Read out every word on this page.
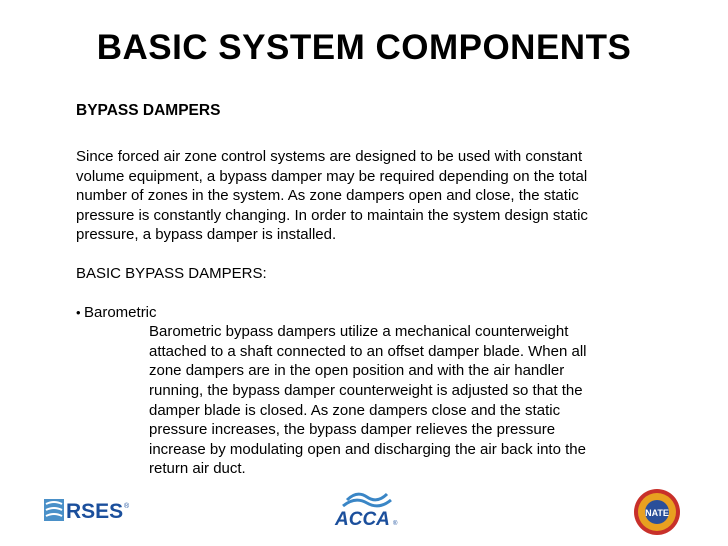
BASIC SYSTEM COMPONENTS

BYPASS DAMPERS

Since forced air zone control systems are designed to be used with constant
volume equipment, a bypass damper may be required depending on the total
number of zones in the system. As zone dampers open and close, the static
pressure is constantly changing. In order to maintain the system design static
pressure, a bypass damper is installed.

BASIC BYPASS DAMPERS:

• Barometric
Barometric bypass dampers utilize a mechanical counterweight
attached to a shaft connected to an offset damper blade. When all
zone dampers are in the open position and with the air handler
running, the bypass damper counterweight is adjusted so that the
damper blade is closed. As zone dampers close and the static
pressure increases, the bypass damper relieves the pressure
increase by modulating open and discharging the air back into the
return air duct.
RSES ®
ACCA ®
NATE
